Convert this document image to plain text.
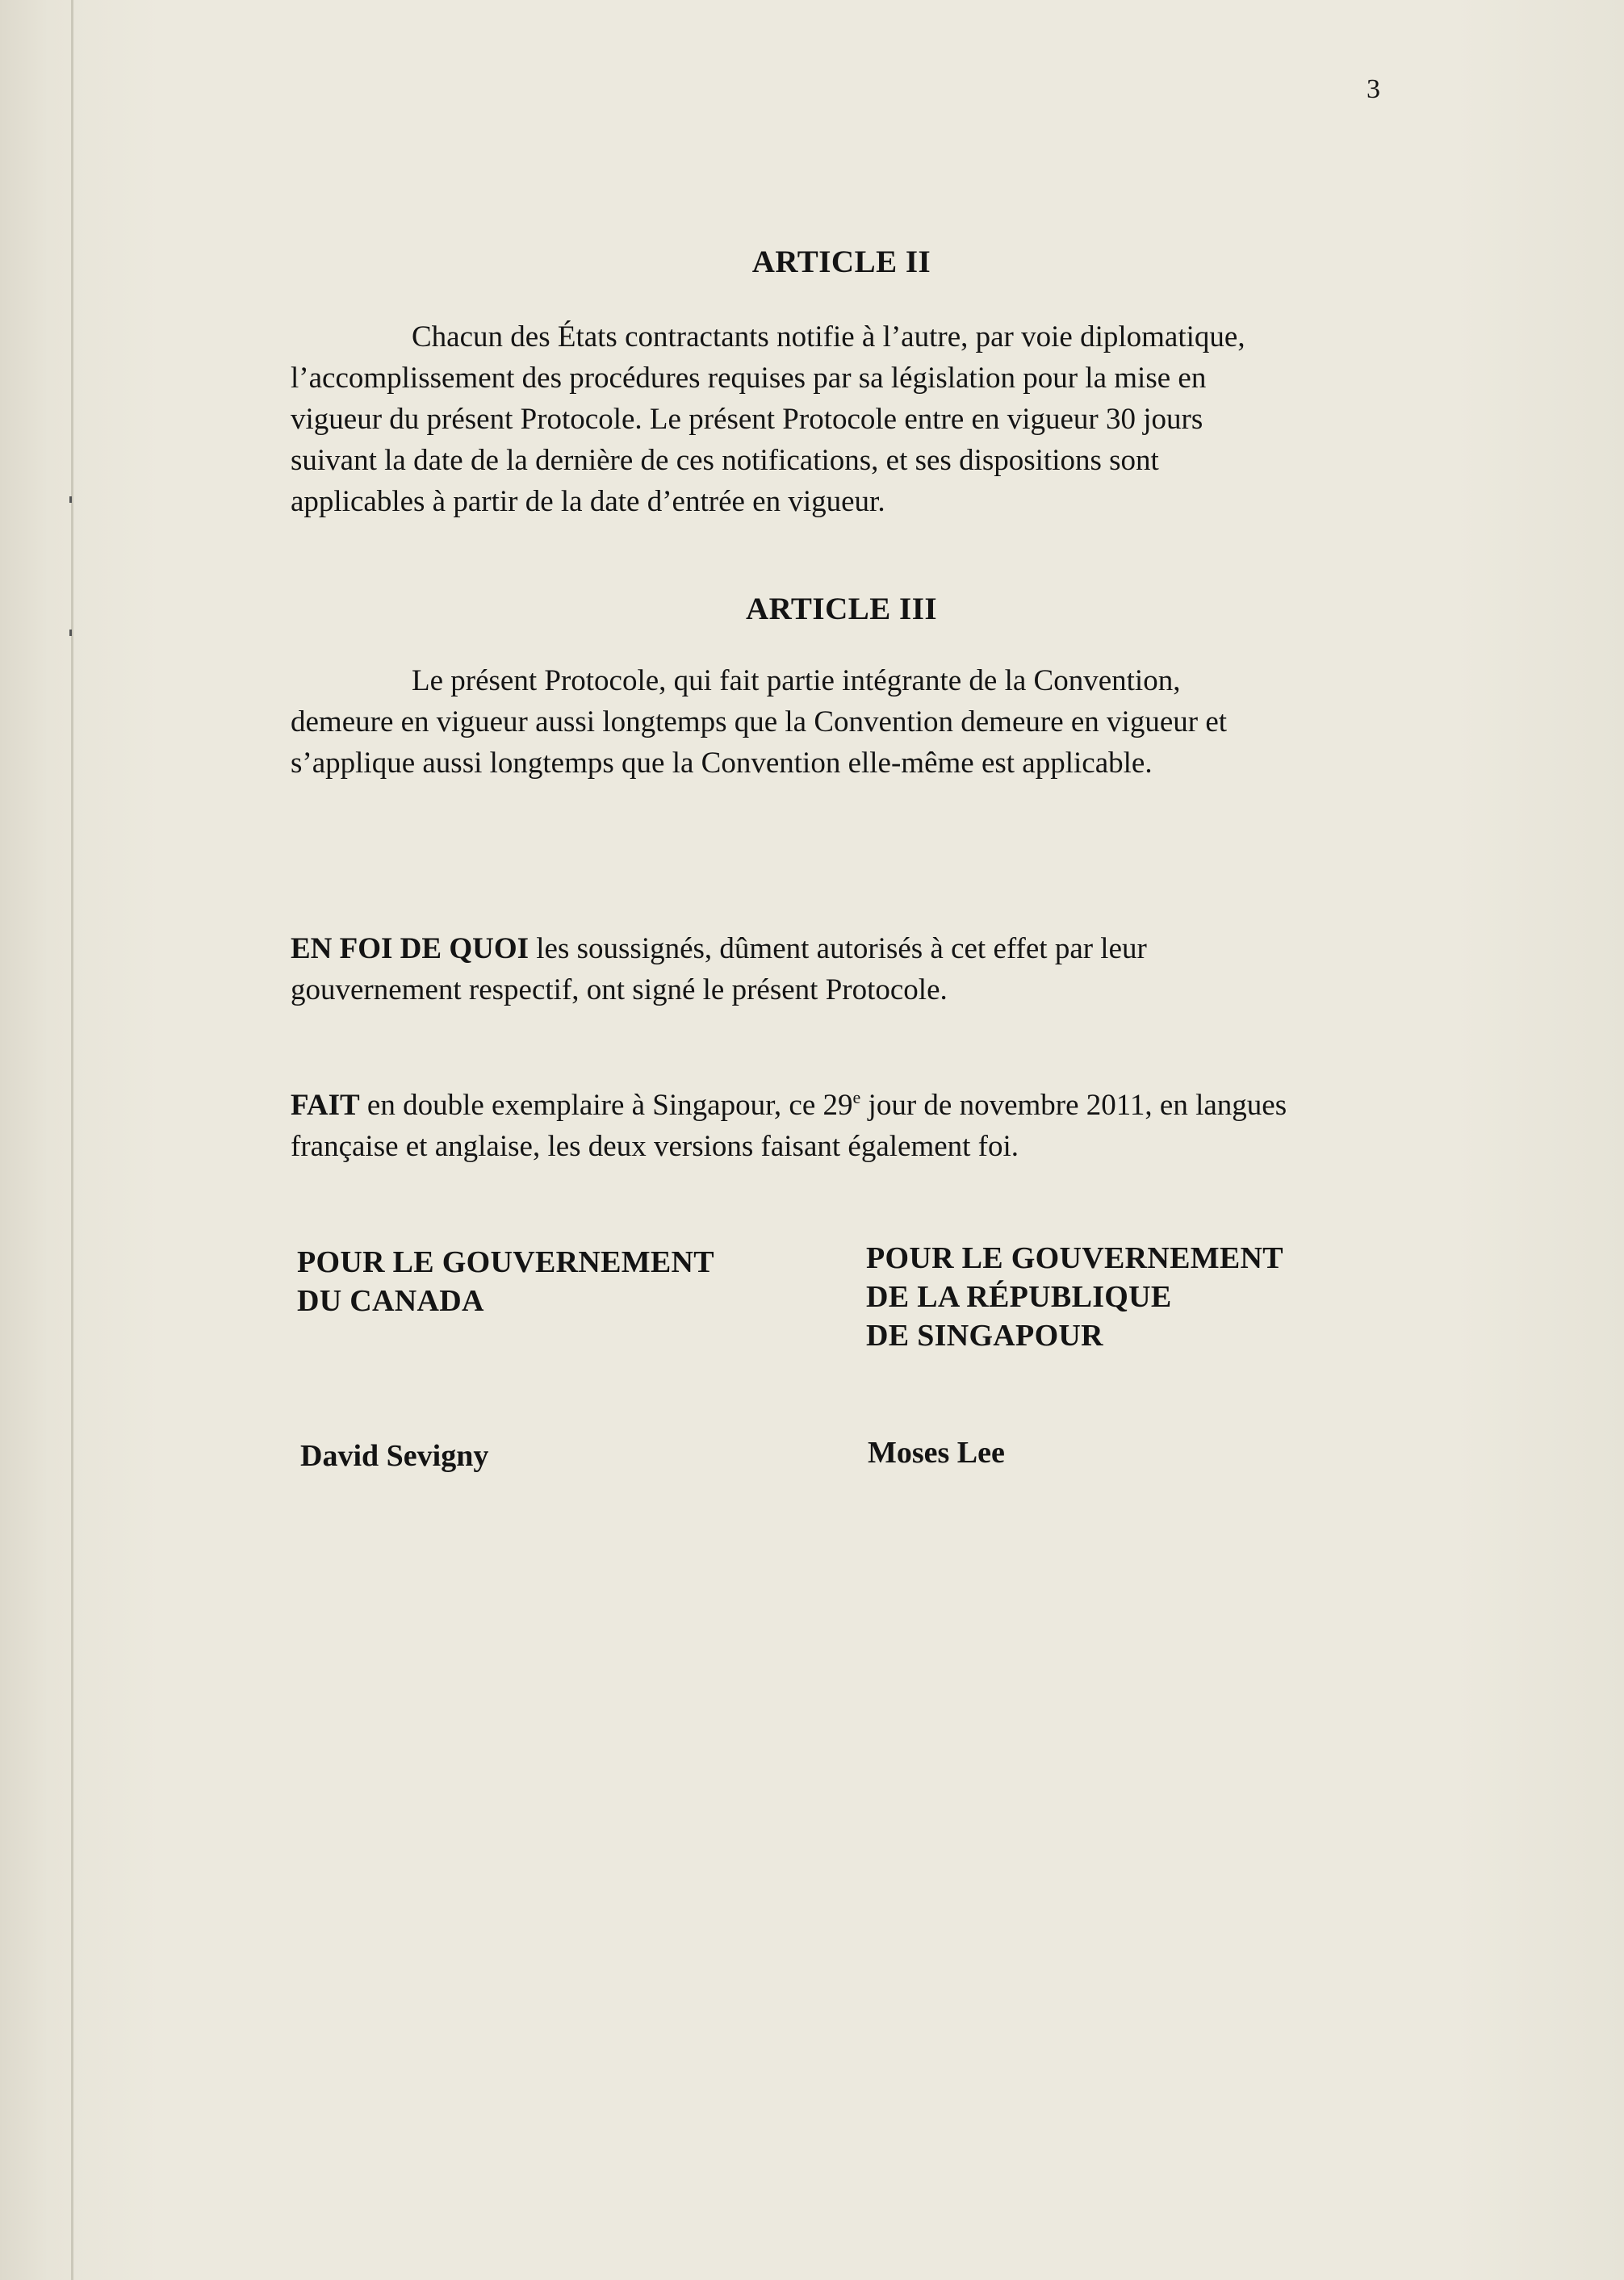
3
ARTICLE II

Chacun des États contractants notifie à l’autre, par voie diplomatique,
l’accomplissement des procédures requises par sa législation pour la mise en
vigueur du présent Protocole. Le présent Protocole entre en vigueur 30 jours
suivant la date de la dernière de ces notifications, et ses dispositions sont
applicables à partir de la date d’entrée en vigueur.

ARTICLE III

Le présent Protocole, qui fait partie intégrante de la Convention,
demeure en vigueur aussi longtemps que la Convention demeure en vigueur et
s’applique aussi longtemps que la Convention elle-même est applicable.

EN FOI DE QUOI les soussignés, dûment autorisés à cet effet par leur
gouvernement respectif, ont signé le présent Protocole.

FAIT en double exemplaire à Singapour, ce 29e jour de novembre 2011, en langues
française et anglaise, les deux versions faisant également foi.

POUR LE GOUVERNEMENT
DU CANADA
POUR LE GOUVERNEMENT
DE LA RÉPUBLIQUE
DE SINGAPOUR
David Sevigny	Moses Lee
